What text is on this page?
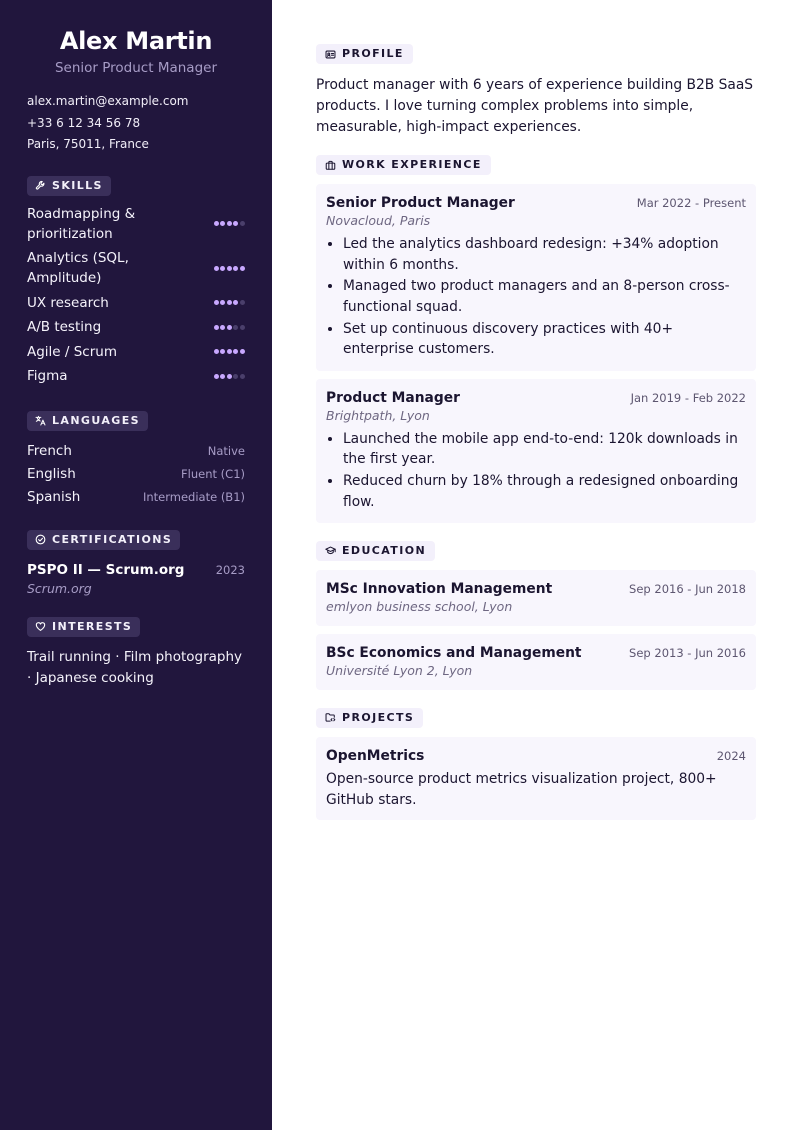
Alex Martin
Senior Product Manager
alex.martin@example.com
+33 6 12 34 56 78
Paris, 75011, France
SKILLS
Roadmapping & prioritization
Analytics (SQL, Amplitude)
UX research
A/B testing
Agile / Scrum
Figma
LANGUAGES
French	Native
English	Fluent (C1)
Spanish	Intermediate (B1)
CERTIFICATIONS
PSPO II — Scrum.org	2023
Scrum.org
INTERESTS
Trail running · Film photography · Japanese cooking
PROFILE

Product manager with 6 years of experience building B2B SaaS products. I love turning complex problems into simple, measurable, high-impact experiences.

WORK EXPERIENCE
Senior Product Manager	Mar 2022 - Present
Novacloud, Paris
• Led the analytics dashboard redesign: +34% adoption within 6 months.
• Managed two product managers and an 8-person cross-functional squad.
• Set up continuous discovery practices with 40+ enterprise customers.
Product Manager	Jan 2019 - Feb 2022
Brightpath, Lyon
• Launched the mobile app end-to-end: 120k downloads in the first year.
• Reduced churn by 18% through a redesigned onboarding flow.
EDUCATION
MSc Innovation Management	Sep 2016 - Jun 2018
emlyon business school, Lyon
BSc Economics and Management	Sep 2013 - Jun 2016
Université Lyon 2, Lyon
PROJECTS
OpenMetrics	2024
Open-source product metrics visualization project, 800+ GitHub stars.
